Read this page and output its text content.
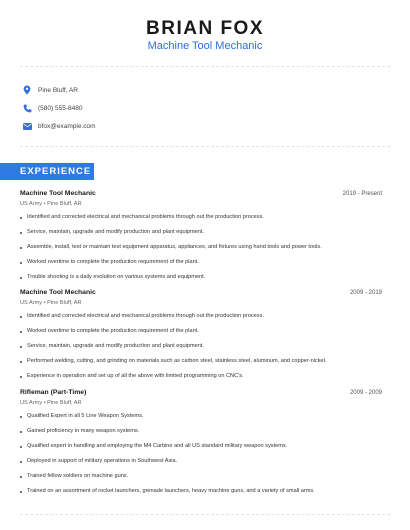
BRIAN FOX
Machine Tool Mechanic
Pine Bluff, AR
(580) 555-8480
bfox@example.com
EXPERIENCE
Machine Tool Mechanic	2019 - Present
US Army • Pine Bluff, AR
Identified and corrected electrical and mechanical problems through out the production process.
Service, maintain, upgrade and modify production and plant equipment.
Assemble, install, test or maintain test equipment apparatus, appliances, and fixtures using hand tools and power tools.
Worked overtime to complete the production requirement of the plant.
Trouble shooting is a daily evolution on various systems and equipment.
Machine Tool Mechanic	2009 - 2019
US Army • Pine Bluff, AR
Identified and corrected electrical and mechanical problems through out the production process.
Worked overtime to complete the production requirement of the plant.
Service, maintain, upgrade and modify production and plant equipment.
Performed welding, cutting, and grinding on materials such as carbon steel, stainless steel, aluminum, and copper-nickel.
Experience in operation and set up of all the above with limited programming on CNC's.
Rifleman (Part-Time)	2009 - 2009
US Army • Pine Bluff, AR
Qualified Expert in all 5 Line Weapon Systems.
Gained proficiency in many weapon systems.
Qualified expert in handling and employing the M4 Carbine and all US standard military weapon systems.
Deployed in support of military operations in Southwest Asia.
Trained fellow soldiers on machine guns.
Trained on an assortment of rocket launchers, grenade launchers, heavy machine guns, and a variety of small arms.
